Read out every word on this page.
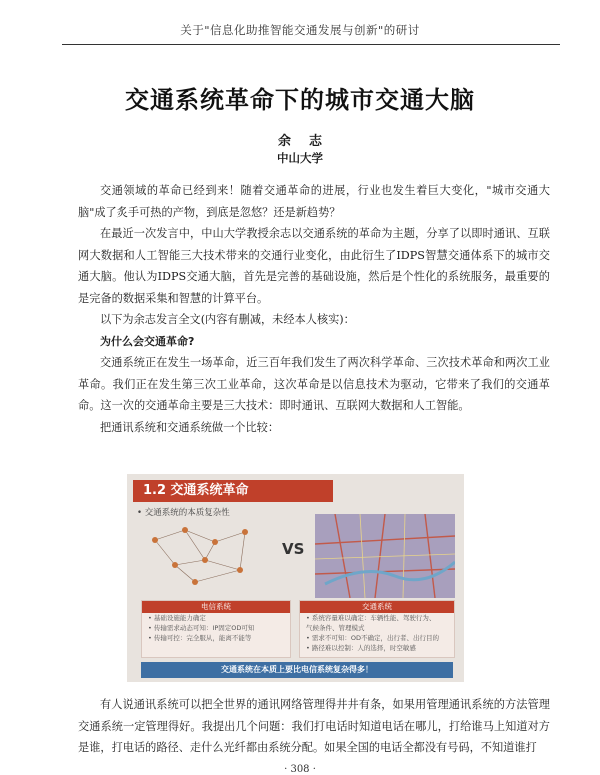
关于"信息化助推智能交通发展与创新"的研讨
交通系统革命下的城市交通大脑
余志
中山大学

交通领域的革命已经到来！随着交通革命的进展，行业也发生着巨大变化，"城市交通大脑"成了炙手可热的产物，到底是忽悠？还是新趋势？

在最近一次发言中，中山大学教授余志以交通系统的革命为主题，分享了以即时通讯、互联网大数据和人工智能三大技术带来的交通行业变化，由此衍生了IDPS智慧交通体系下的城市交通大脑。他认为IDPS交通大脑，首先是完善的基础设施，然后是个性化的系统服务，最重要的是完备的数据采集和智慧的计算平台。

以下为余志发言全文(内容有删减，未经本人核实)：

为什么会交通革命?

交通系统正在发生一场革命，近三百年我们发生了两次科学革命、三次技术革命和两次工业革命。我们正在发生第三次工业革命，这次革命是以信息技术为驱动，它带来了我们的交通革命。这一次的交通革命主要是三大技术：即时通讯、互联网大数据和人工智能。

把通讯系统和交通系统做一个比较：

1.2 交通系统革命
• 交通系统的本质复杂性
VS
电信系统
• 基础设施能力确定
• 传输需求动态可知：IP固定OD可知
• 传输可控：完全服从，能离不能等
交通系统
• 系统容量难以确定：车辆性能、驾驶行为、
气候条件、管理模式
• 需求不可知：OD不确定，出行者、出行目的
• 路径难以控制：人的选择，时空敏感
交通系统在本质上要比电信系统复杂得多！

有人说通讯系统可以把全世界的通讯网络管理得井井有条，如果用管理通讯系统的方法管理交通系统一定管理得好。我提出几个问题：我们打电话时知道电话在哪儿，打给谁马上知道对方是谁，打电话的路径、走什么光纤都由系统分配。如果全国的电话全都没有号码，不知道谁打

· 308 ·
